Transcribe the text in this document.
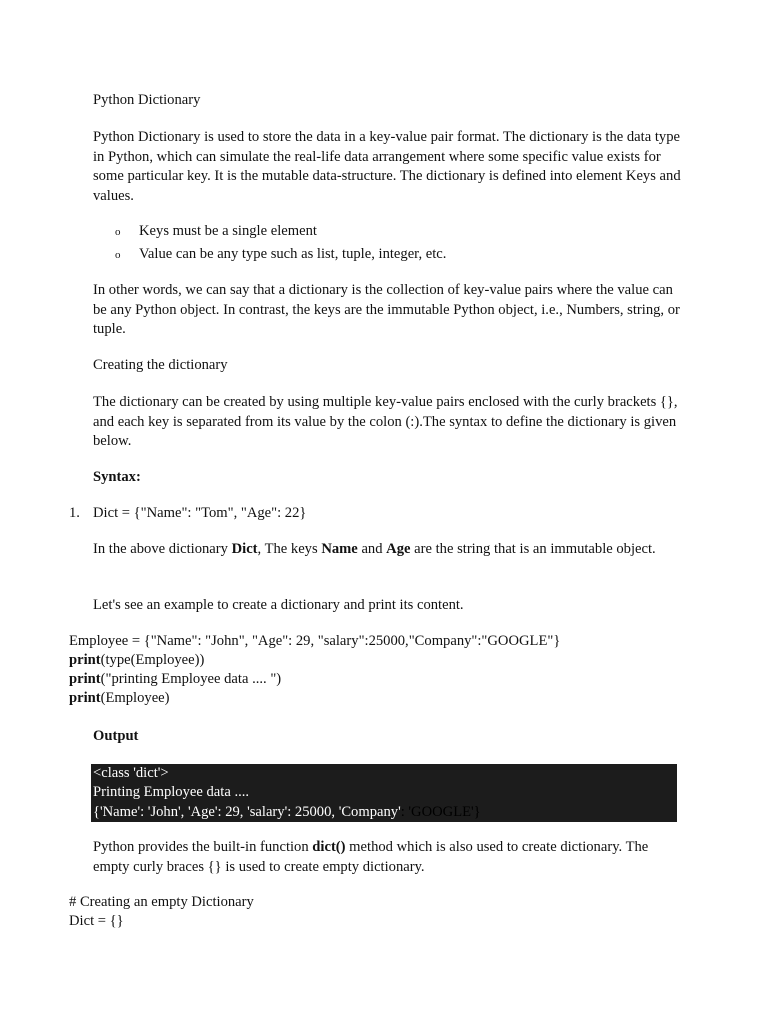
Python Dictionary

Python Dictionary is used to store the data in a key-value pair format. The dictionary is the data type in Python, which can simulate the real-life data arrangement where some specific value exists for some particular key. It is the mutable data-structure. The dictionary is defined into element Keys and values.

o Keys must be a single element
o Value can be any type such as list, tuple, integer, etc.

In other words, we can say that a dictionary is the collection of key-value pairs where the value can be any Python object. In contrast, the keys are the immutable Python object, i.e., Numbers, string, or tuple.

Creating the dictionary

The dictionary can be created by using multiple key-value pairs enclosed with the curly brackets {}, and each key is separated from its value by the colon (:).The syntax to define the dictionary is given below.

Syntax:

1. Dict = {"Name": "Tom", "Age": 22}

In the above dictionary Dict, The keys Name and Age are the string that is an immutable object.

Let's see an example to create a dictionary and print its content.

Employee = {"Name": "John", "Age": 29, "salary":25000,"Company":"GOOGLE"}
print(type(Employee))
print("printing Employee data .... ")
print(Employee)

Output

<class 'dict'>
Printing Employee data ....
{'Name': 'John', 'Age': 29, 'salary': 25000, 'Company': 'GOOGLE'}

Python provides the built-in function dict() method which is also used to create dictionary. The empty curly braces {} is used to create empty dictionary.

# Creating an empty Dictionary
Dict = {}
